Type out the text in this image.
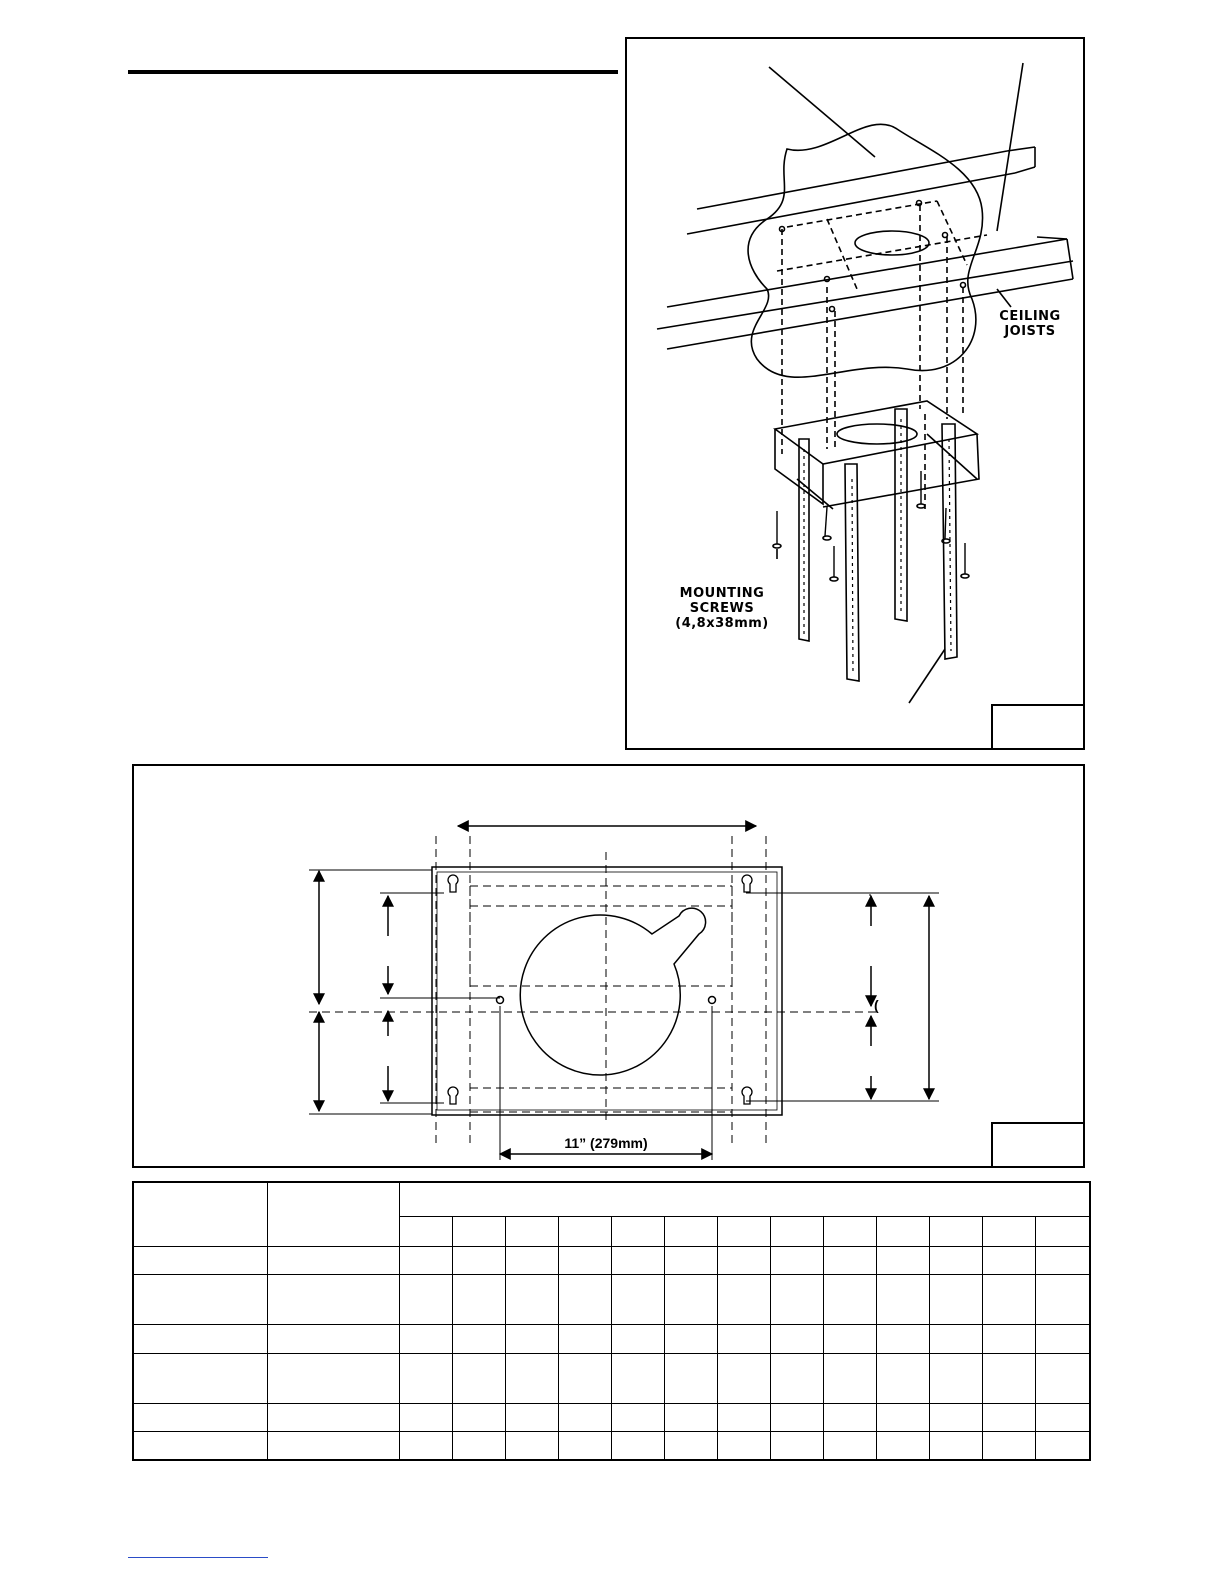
CEILING
JOISTS
MOUNTING
SCREWS
(4,8x38mm)
11” (279mm)
(
